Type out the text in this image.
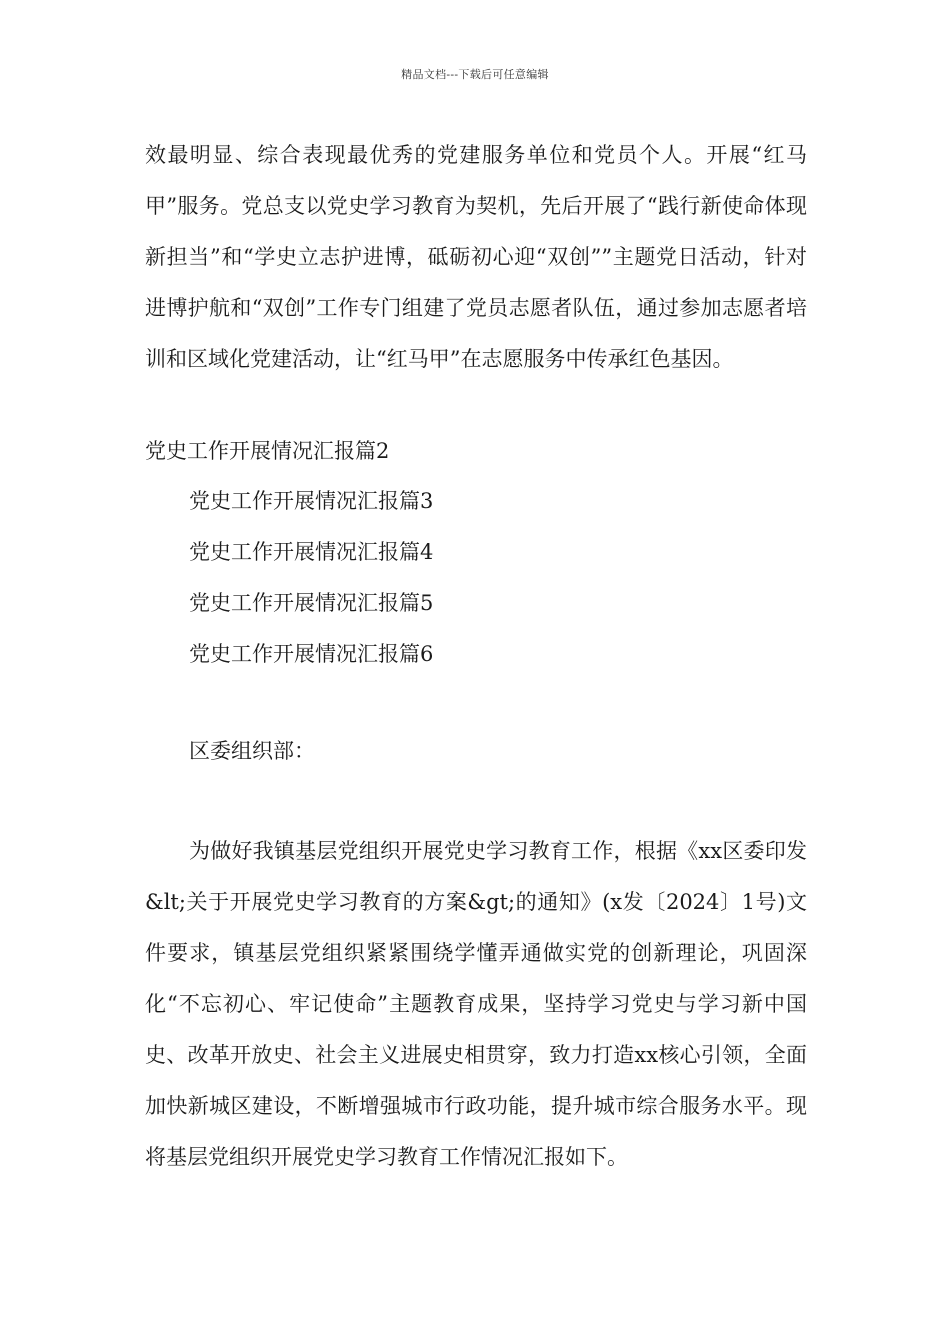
精品文档---下载后可任意编辑

效最明显、综合表现最优秀的党建服务单位和党员个人。开展“红马甲”服务。党总支以党史学习教育为契机，先后开展了“践行新使命体现新担当”和“学史立志护进博，砥砺初心迎“双创””主题党日活动，针对进博护航和“双创”工作专门组建了党员志愿者队伍，通过参加志愿者培训和区域化党建活动，让“红马甲”在志愿服务中传承红色基因。

党史工作开展情况汇报篇2

党史工作开展情况汇报篇3
党史工作开展情况汇报篇4
党史工作开展情况汇报篇5
党史工作开展情况汇报篇6

区委组织部：

为做好我镇基层党组织开展党史学习教育工作，根据《xx区委印发&lt;关于开展党史学习教育的方案&gt;的通知》(x发〔2024〕1号)文件要求，镇基层党组织紧紧围绕学懂弄通做实党的创新理论，巩固深化“不忘初心、牢记使命”主题教育成果，坚持学习党史与学习新中国史、改革开放史、社会主义进展史相贯穿，致力打造xx核心引领，全面加快新城区建设，不断增强城市行政功能，提升城市综合服务水平。现将基层党组织开展党史学习教育工作情况汇报如下。
